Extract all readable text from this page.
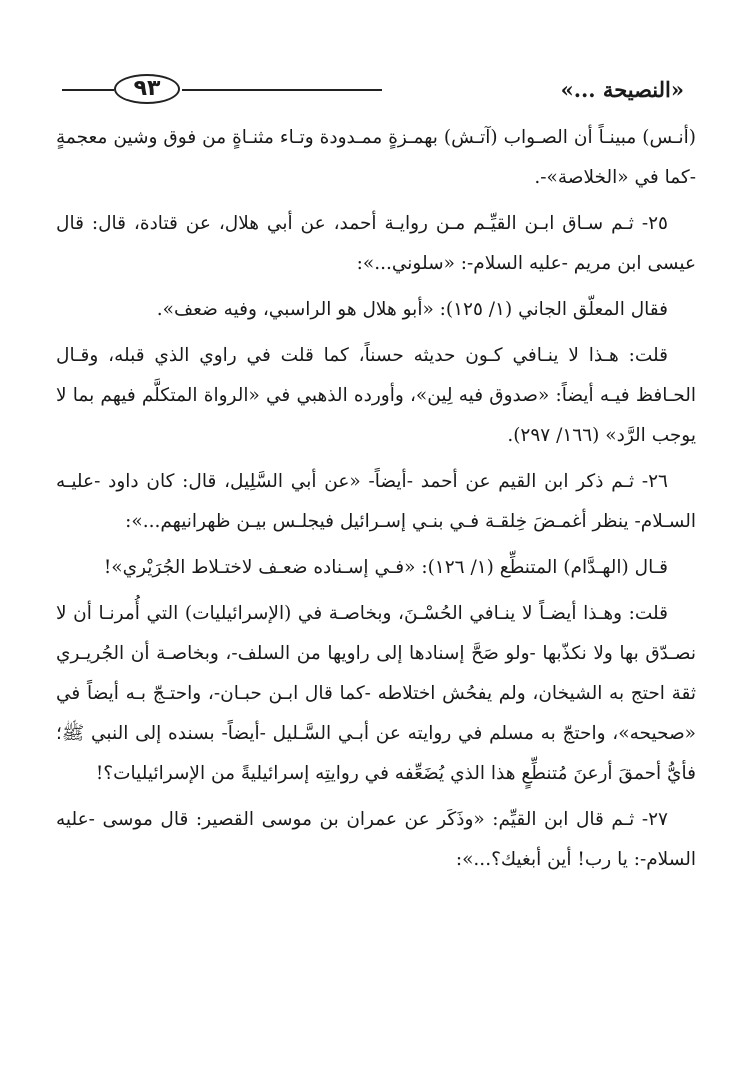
٩٣	«النصيحة ...»

(أنـس) مبينـاً أن الصـواب (آتـش) بهمـزةٍ ممـدودة وتـاء مثنـاةٍ من فوق وشين معجمةٍ -كما في «الخلاصة»-.

٢٥- ثـم سـاق ابـن القيِّـم مـن روايـة أحمد، عن أبي هلال، عن قتادة، قال: قال عيسى ابن مريم -عليه السلام-: «سلوني...»:

فقال المعلّق الجاني (١/ ١٢٥): «أبو هلال هو الراسبي، وفيه ضعف».

قلت: هـذا لا ينـافي كـون حديثه حسناً، كما قلت في راوي الذي قبله، وقـال الحـافظ فيـه أيضاً: «صدوق فيه لِين»، وأورده الذهبي في «الرواة المتكلَّم فيهم بما لا يوجب الرَّد» (١٦٦/ ٢٩٧).

٢٦- ثـم ذكر ابن القيم عن أحمد -أيضاً- «عن أبي السَّلِيل، قال: كان داود -عليـه السـلام- ينظر أغمـضَ خِلقـة فـي بنـي إسـرائيل فيجلـس بيـن ظهرانيهم...»:

قـال (الهـدَّام) المتنطِّع (١/ ١٢٦): «فـي إسـناده ضعـف لاختـلاط الجُرَيْري»!

قلت: وهـذا أيضـاً لا ينـافي الحُسْـنَ، وبخاصـة في (الإسرائيليات) التي أُمرنـا أن لا نصـدّق بها ولا نكذّبها -ولو صَحَّ إسنادها إلى راويها من السلف-، وبخاصـة أن الجُريـري ثقة احتج به الشيخان، ولم يفحُش اختلاطه -كما قال ابـن حبـان-، واحتـجّ بـه أيضاً في «صحيحه»، واحتجّ به مسلم في روايته عن أبـي السَّـليل -أيضاً- بسنده إلى النبي ﷺ؛ فأيُّ أحمقَ أرعنَ مُتنطِّعٍ هذا الذي يُضَعِّفه في روايتِه إسرائيليةً من الإسرائيليات؟!

٢٧- ثـم قال ابن القيِّم: «وذَكَر عن عمران بن موسى القصير: قال موسى -عليه السلام-: يا رب! أين أبغيك؟...»:
